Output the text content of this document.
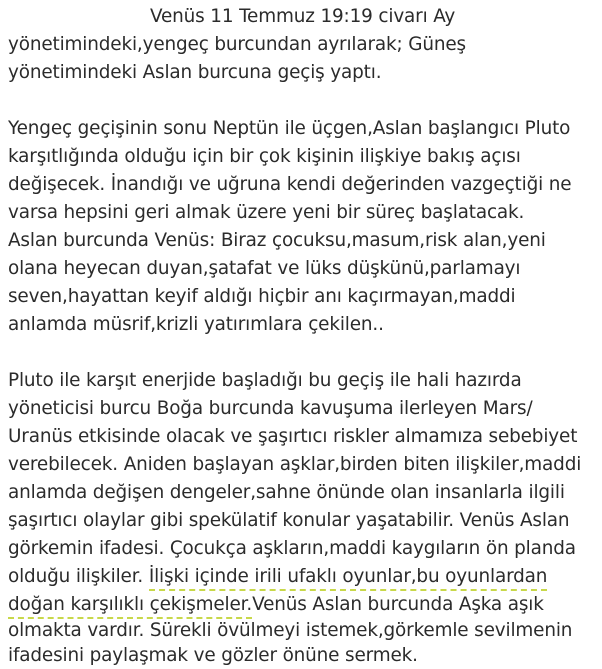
Venüs 11 Temmuz 19:19 civarı Ay
yönetimindeki,yengeç burcundan ayrılarak; Güneş
yönetimindeki Aslan burcuna geçiş yaptı.
Yengeç geçişinin sonu Neptün ile üçgen,Aslan başlangıcı Pluto
karşıtlığında olduğu için bir çok kişinin ilişkiye bakış açısı
değişecek. İnandığı ve uğruna kendi değerinden vazgeçtiği ne
varsa hepsini geri almak üzere yeni bir süreç başlatacak.
Aslan burcunda Venüs: Biraz çocuksu,masum,risk alan,yeni
olana heyecan duyan,şatafat ve lüks düşkünü,parlamayı
seven,hayattan keyif aldığı hiçbir anı kaçırmayan,maddi
anlamda müsrif,krizli yatırımlara çekilen..
Pluto ile karşıt enerjide başladığı bu geçiş ile hali hazırda
yöneticisi burcu Boğa burcunda kavuşuma ilerleyen Mars/
Uranüs etkisinde olacak ve şaşırtıcı riskler almamıza sebebiyet
verebilecek. Aniden başlayan aşklar,birden biten ilişkiler,maddi
anlamda değişen dengeler,sahne önünde olan insanlarla ilgili
şaşırtıcı olaylar gibi spekülatif konular yaşatabilir. Venüs Aslan
görkemin ifadesi. Çocukça aşkların,maddi kaygıların ön planda
olduğu ilişkiler. İlişki içinde irili ufaklı oyunlar,bu oyunlardan
doğan karşılıklı çekişmeler.Venüs Aslan burcunda Aşka aşık
olmakta vardır. Sürekli övülmeyi istemek,görkemle sevilmenin
ifadesini paylaşmak ve gözler önüne sermek.
